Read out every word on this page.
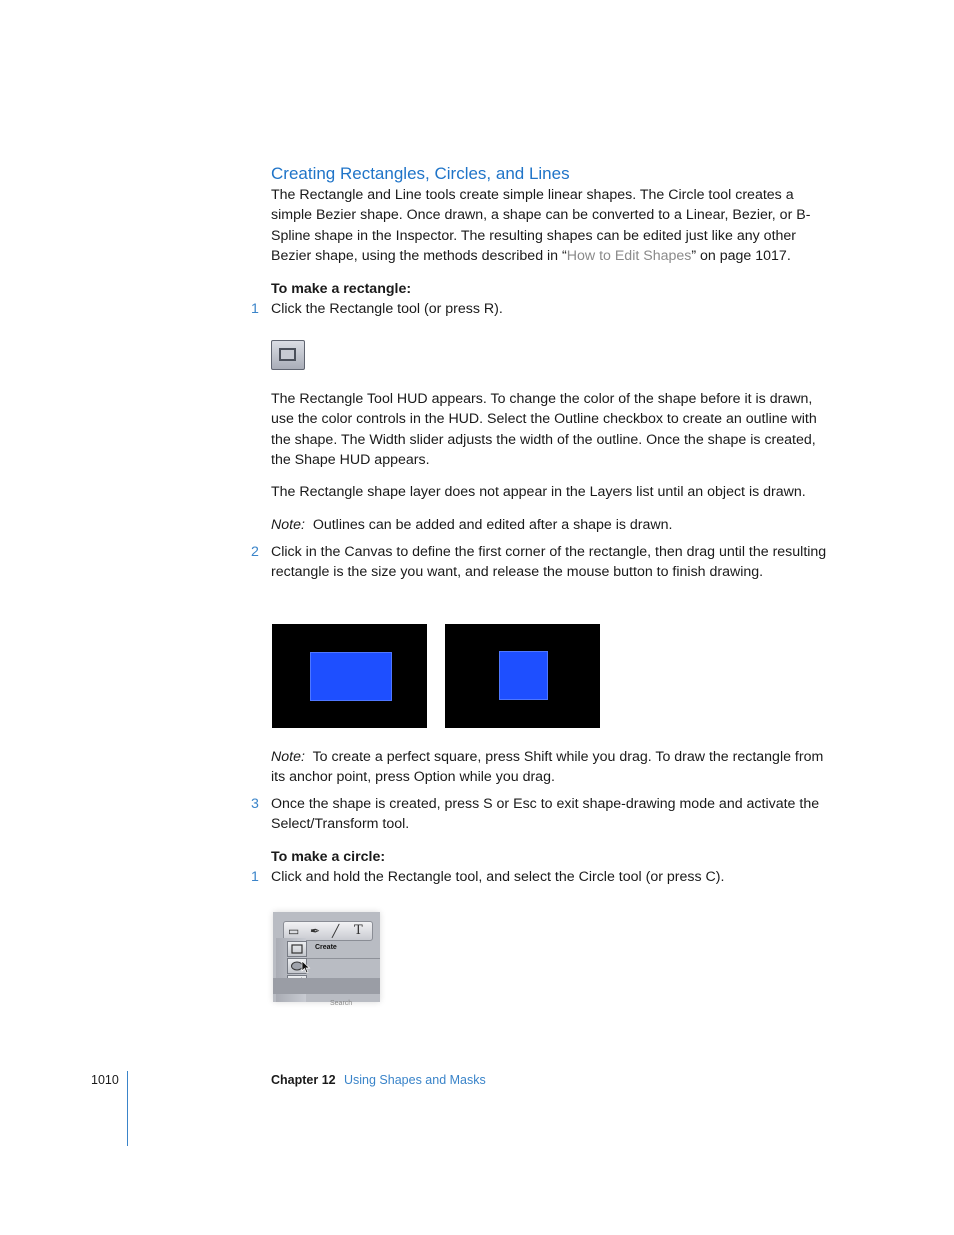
Creating Rectangles, Circles, and Lines

The Rectangle and Line tools create simple linear shapes. The Circle tool creates a simple Bezier shape. Once drawn, a shape can be converted to a Linear, Bezier, or B-Spline shape in the Inspector. The resulting shapes can be edited just like any other Bezier shape, using the methods described in “How to Edit Shapes” on page 1017.

To make a rectangle:
1 Click the Rectangle tool (or press R).

The Rectangle Tool HUD appears. To change the color of the shape before it is drawn, use the color controls in the HUD. Select the Outline checkbox to create an outline with the shape. The Width slider adjusts the width of the outline. Once the shape is created, the Shape HUD appears.

The Rectangle shape layer does not appear in the Layers list until an object is drawn.

Note: Outlines can be added and edited after a shape is drawn.

2 Click in the Canvas to define the first corner of the rectangle, then drag until the resulting rectangle is the size you want, and release the mouse button to finish drawing.

Note: To create a perfect square, press Shift while you drag. To draw the rectangle from its anchor point, press Option while you drag.

3 Once the shape is created, press S or Esc to exit shape-drawing mode and activate the Select/Transform tool.

To make a circle:
1 Click and hold the Rectangle tool, and select the Circle tool (or press C).
▭ ✒ ╱ T
Create
Search
1010	Chapter 12 Using Shapes and Masks
